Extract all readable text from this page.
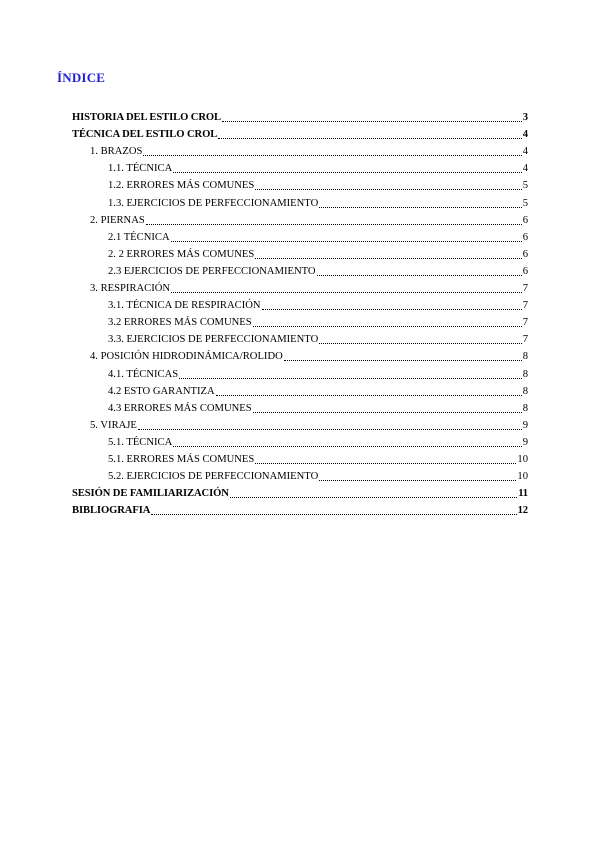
ÍNDICE
HISTORIA DEL ESTILO CROL	3
TÉCNICA DEL ESTILO CROL	4
1. BRAZOS	4
1.1. TÉCNICA	4
1.2. ERRORES MÁS COMUNES	5
1.3. EJERCICIOS DE PERFECCIONAMIENTO	5
2. PIERNAS	6
2.1 TÉCNICA	6
2. 2 ERRORES MÁS COMUNES	6
2.3 EJERCICIOS DE PERFECCIONAMIENTO	6
3. RESPIRACIÓN	7
3.1. TÉCNICA DE RESPIRACIÓN	7
3.2 ERRORES MÁS COMUNES	7
3.3. EJERCICIOS DE PERFECCIONAMIENTO	7
4. POSICIÓN HIDRODINÁMICA/ROLIDO	8
4.1. TÉCNICAS	8
4.2 ESTO GARANTIZA	8
4.3 ERRORES MÁS COMUNES	8
5. VIRAJE	9
5.1. TÉCNICA	9
5.1. ERRORES MÁS COMUNES	10
5.2. EJERCICIOS DE PERFECCIONAMIENTO	10
SESIÓN DE FAMILIARIZACIÓN	11
BIBLIOGRAFIA	12
